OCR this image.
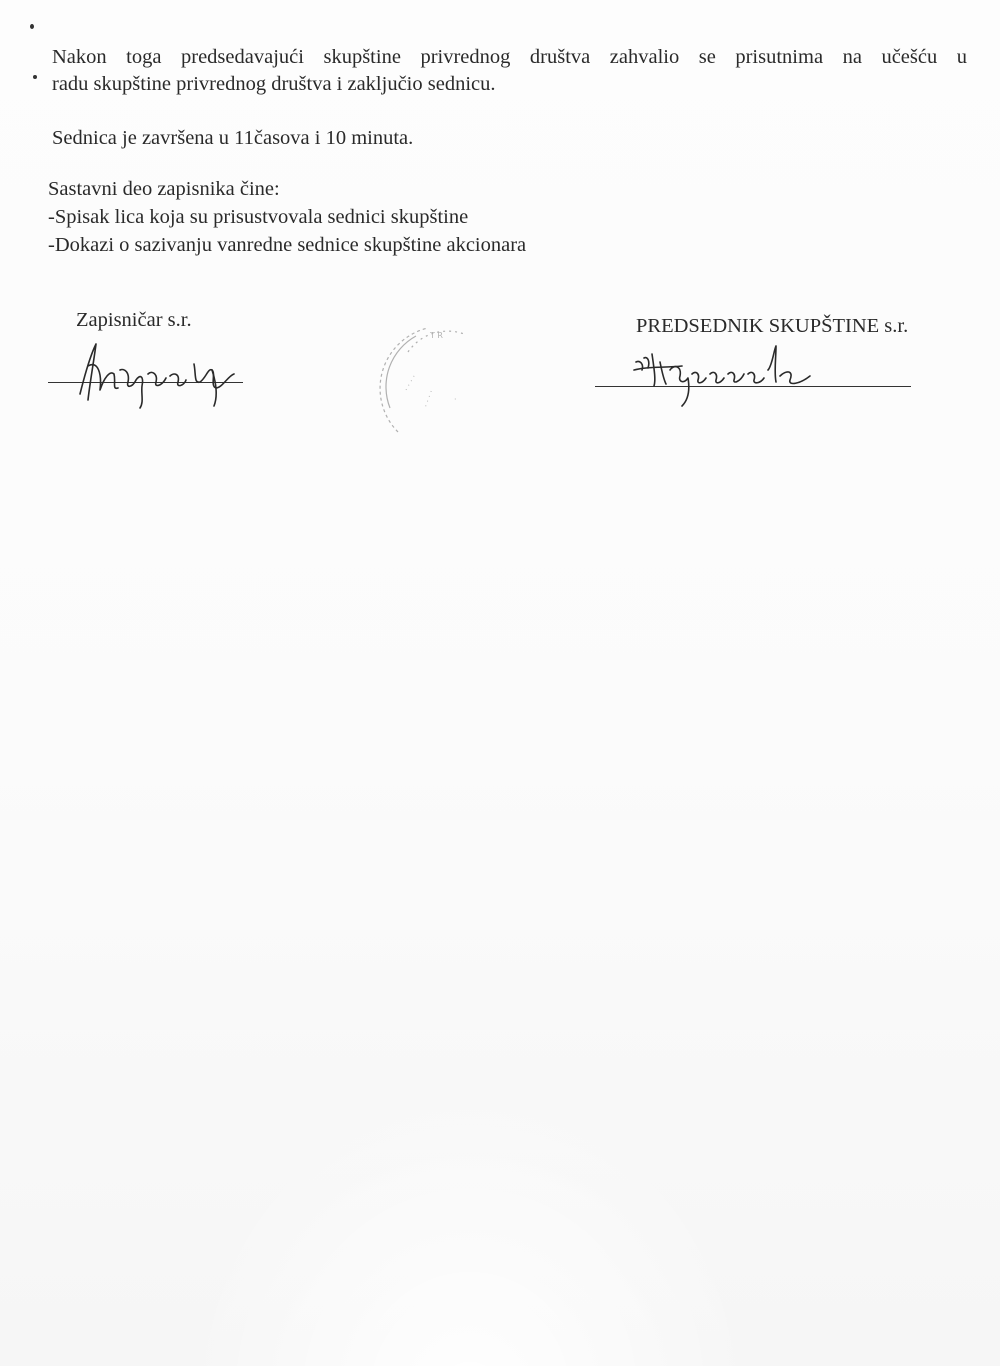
Nakon toga predsedavajući skupštine privrednog društva zahvalio se prisutnima na učešću u
radu skupštine privrednog društva i zaključio sednicu.
Sednica je završena u 11časova i 10 minuta.
Sastavni deo zapisnika čine:
-Spisak lica koja su prisustvovala sednici skupštine
-Dokazi o sazivanju vanredne sednice skupštine akcionara
Zapisničar s.r.	PREDSEDNIK SKUPŠTINE s.r.
T R
· · · ·
· · · · ·
